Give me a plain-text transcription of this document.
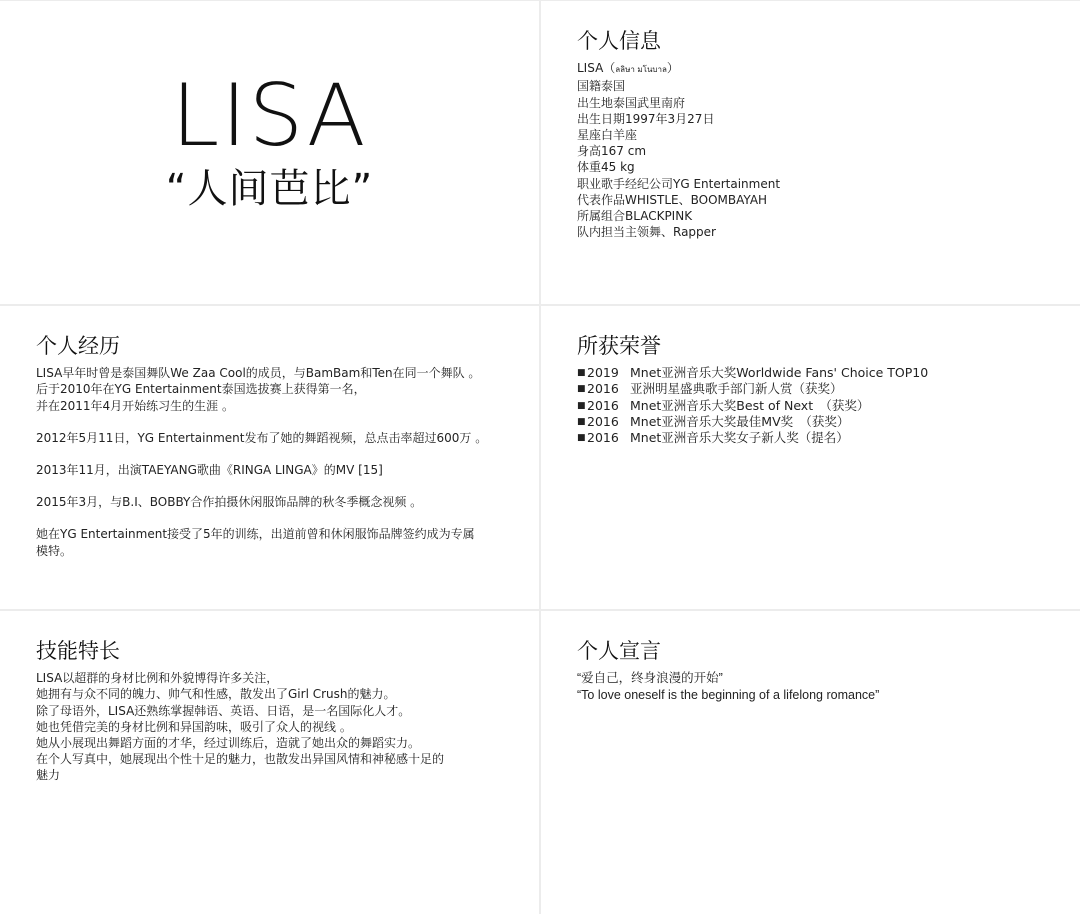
LISA
“人间芭比”
个人信息
LISA（ลลิษา มโนบาล）
国籍泰国
出生地泰国武里南府
出生日期1997年3月27日
星座白羊座
身高167 cm
体重45 kg
职业歌手经纪公司YG Entertainment
代表作品WHISTLE、BOOMBAYAH
所属组合BLACKPINK
队内担当主领舞、Rapper
个人经历

LISA早年时曾是泰国舞队We Zaa Cool的成员，与BamBam和Ten在同一个舞队 。
后于2010年在YG Entertainment泰国选拔赛上获得第一名，
并在2011年4月开始练习生的生涯 。

2012年5月11日，YG Entertainment发布了她的舞蹈视频，总点击率超过600万 。

2013年11月，出演TAEYANG歌曲《RINGA LINGA》的MV [15]

2015年3月，与B.I、BOBBY合作拍摄休闲服饰品牌的秋冬季概念视频 。

她在YG Entertainment接受了5年的训练，出道前曾和休闲服饰品牌签约成为专属
模特。

所获荣誉
■ 2019 Mnet亚洲音乐大奖Worldwide Fans' Choice TOP10
■ 2016 亚洲明星盛典歌手部门新人赏（获奖）
■ 2016 Mnet亚洲音乐大奖Best of Next　（获奖）
■ 2016 Mnet亚洲音乐大奖最佳MV奖　（获奖）
■ 2016 Mnet亚洲音乐大奖女子新人奖（提名）
技能特长
LISA以超群的身材比例和外貌博得许多关注，
她拥有与众不同的魄力、帅气和性感，散发出了Girl Crush的魅力。
除了母语外，LISA还熟练掌握韩语、英语、日语，是一名国际化人才。
她也凭借完美的身材比例和异国韵味，吸引了众人的视线 。
她从小展现出舞蹈方面的才华，经过训练后，造就了她出众的舞蹈实力。
在个人写真中，她展现出个性十足的魅力，也散发出异国风情和神秘感十足的
魅力
个人宣言
“爱自己，终身浪漫的开始”
“To love oneself is the beginning of a lifelong romance”
